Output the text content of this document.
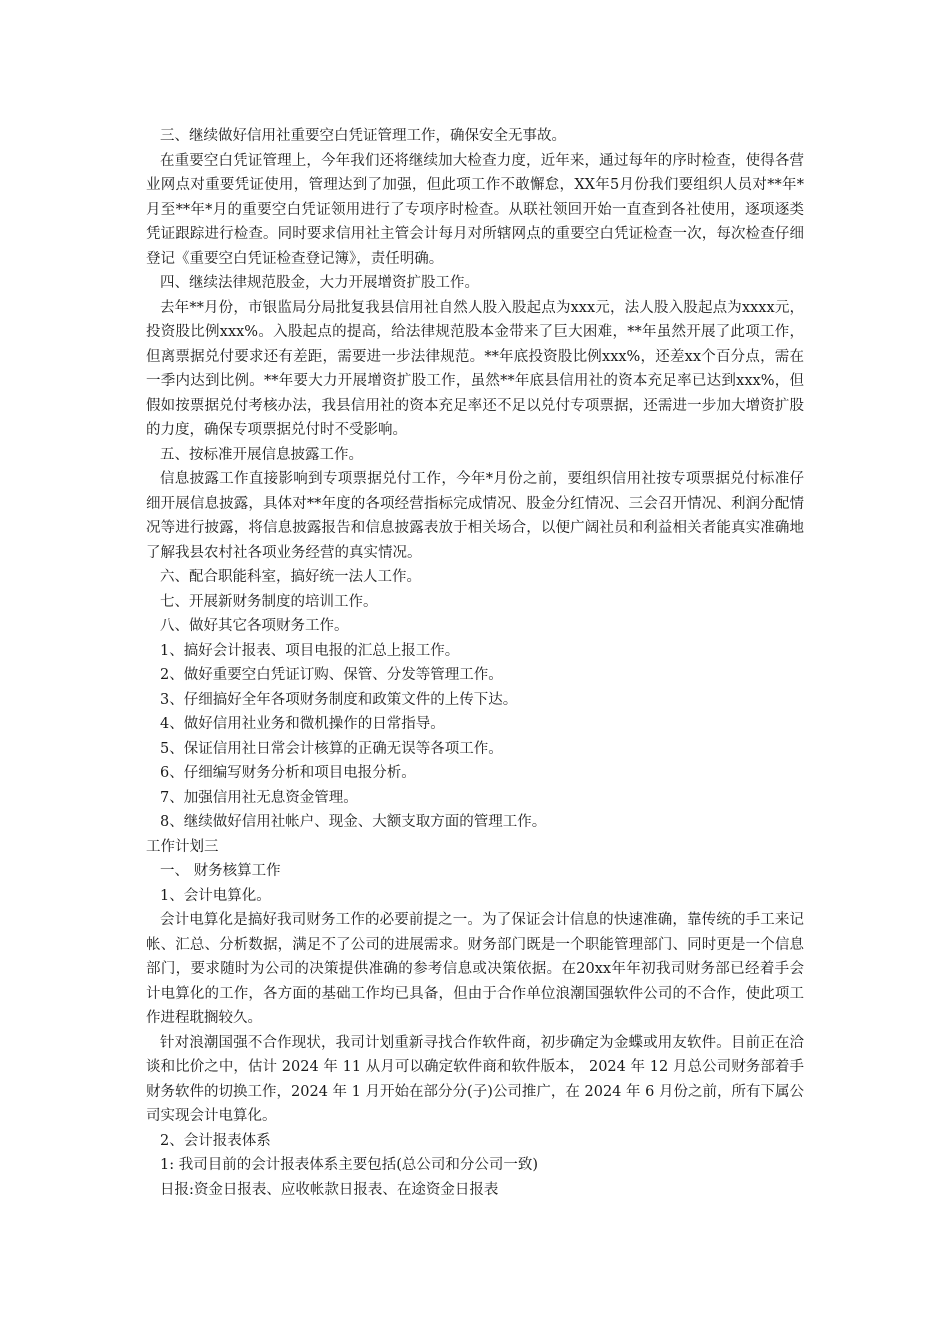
三、继续做好信用社重要空白凭证管理工作，确保安全无事故。

在重要空白凭证管理上，今年我们还将继续加大检查力度，近年来，通过每年的序时检查，使得各营业网点对重要凭证使用，管理达到了加强，但此项工作不敢懈怠，XX年5月份我们要组织人员对**年*月至**年*月的重要空白凭证领用进行了专项序时检查。从联社领回开始一直查到各社使用，逐项逐类凭证跟踪进行检查。同时要求信用社主管会计每月对所辖网点的重要空白凭证检查一次，每次检查仔细登记《重要空白凭证检查登记簿》，责任明确。

四、继续法律规范股金，大力开展增资扩股工作。

去年**月份，市银监局分局批复我县信用社自然人股入股起点为xxx元，法人股入股起点为xxxx元，投资股比例xxx%。入股起点的提高，给法律规范股本金带来了巨大困难，**年虽然开展了此项工作，但离票据兑付要求还有差距，需要进一步法律规范。**年底投资股比例xxx%，还差xx个百分点，需在一季内达到比例。**年要大力开展增资扩股工作，虽然**年底县信用社的资本充足率已达到xxx%，但假如按票据兑付考核办法，我县信用社的资本充足率还不足以兑付专项票据，还需进一步加大增资扩股的力度，确保专项票据兑付时不受影响。

五、按标准开展信息披露工作。

信息披露工作直接影响到专项票据兑付工作，今年*月份之前，要组织信用社按专项票据兑付标准仔细开展信息披露，具体对**年度的各项经营指标完成情况、股金分红情况、三会召开情况、利润分配情况等进行披露，将信息披露报告和信息披露表放于相关场合，以便广阔社员和利益相关者能真实准确地了解我县农村社各项业务经营的真实情况。

六、配合职能科室，搞好统一法人工作。

七、开展新财务制度的培训工作。

八、做好其它各项财务工作。

1、搞好会计报表、项目电报的汇总上报工作。

2、做好重要空白凭证订购、保管、分发等管理工作。

3、仔细搞好全年各项财务制度和政策文件的上传下达。

4、做好信用社业务和微机操作的日常指导。

5、保证信用社日常会计核算的正确无误等各项工作。

6、仔细编写财务分析和项目电报分析。

7、加强信用社无息资金管理。

8、继续做好信用社帐户、现金、大额支取方面的管理工作。

工作计划三

一、 财务核算工作

1、会计电算化。

会计电算化是搞好我司财务工作的必要前提之一。为了保证会计信息的快速准确，靠传统的手工来记帐、汇总、分析数据，满足不了公司的进展需求。财务部门既是一个职能管理部门、同时更是一个信息部门，要求随时为公司的决策提供准确的参考信息或决策依据。在20xx年年初我司财务部已经着手会计电算化的工作，各方面的基础工作均已具备，但由于合作单位浪潮国强软件公司的不合作，使此项工作进程耽搁较久。

针对浪潮国强不合作现状，我司计划重新寻找合作软件商，初步确定为金蝶或用友软件。目前正在洽谈和比价之中，估计 2024 年 11 从月可以确定软件商和软件版本， 2024 年 12 月总公司财务部着手财务软件的切换工作，2024 年 1 月开始在部分分(子)公司推广，在 2024 年 6 月份之前，所有下属公司实现会计电算化。

2、会计报表体系

1: 我司目前的会计报表体系主要包括(总公司和分公司一致)

日报:资金日报表、应收帐款日报表、在途资金日报表
